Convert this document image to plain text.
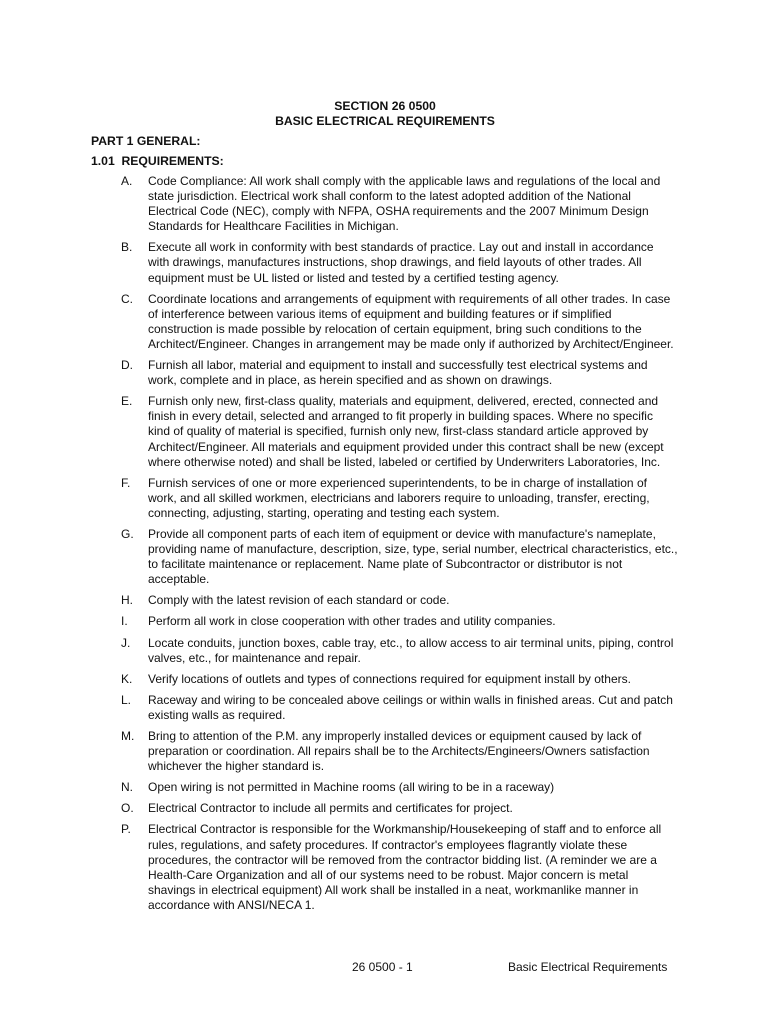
SECTION 26 0500
BASIC ELECTRICAL REQUIREMENTS
PART 1 GENERAL:
1.01  REQUIREMENTS:
A. Code Compliance: All work shall comply with the applicable laws and regulations of the local and state jurisdiction. Electrical work shall conform to the latest adopted addition of the National Electrical Code (NEC), comply with NFPA, OSHA requirements and the 2007 Minimum Design Standards for Healthcare Facilities in Michigan.
B. Execute all work in conformity with best standards of practice. Lay out and install in accordance with drawings, manufactures instructions, shop drawings, and field layouts of other trades. All equipment must be UL listed or listed and tested by a certified testing agency.
C. Coordinate locations and arrangements of equipment with requirements of all other trades. In case of interference between various items of equipment and building features or if simplified construction is made possible by relocation of certain equipment, bring such conditions to the Architect/Engineer. Changes in arrangement may be made only if authorized by Architect/Engineer.
D. Furnish all labor, material and equipment to install and successfully test electrical systems and work, complete and in place, as herein specified and as shown on drawings.
E. Furnish only new, first-class quality, materials and equipment, delivered, erected, connected and finish in every detail, selected and arranged to fit properly in building spaces. Where no specific kind of quality of material is specified, furnish only new, first-class standard article approved by Architect/Engineer. All materials and equipment provided under this contract shall be new (except where otherwise noted) and shall be listed, labeled or certified by Underwriters Laboratories, Inc.
F. Furnish services of one or more experienced superintendents, to be in charge of installation of work, and all skilled workmen, electricians and laborers require to unloading, transfer, erecting, connecting, adjusting, starting, operating and testing each system.
G. Provide all component parts of each item of equipment or device with manufacture's nameplate, providing name of manufacture, description, size, type, serial number, electrical characteristics, etc., to facilitate maintenance or replacement. Name plate of Subcontractor or distributor is not acceptable.
H. Comply with the latest revision of each standard or code.
I. Perform all work in close cooperation with other trades and utility companies.
J. Locate conduits, junction boxes, cable tray, etc., to allow access to air terminal units, piping, control valves, etc., for maintenance and repair.
K. Verify locations of outlets and types of connections required for equipment install by others.
L. Raceway and wiring to be concealed above ceilings or within walls in finished areas. Cut and patch existing walls as required.
M. Bring to attention of the P.M. any improperly installed devices or equipment caused by lack of preparation or coordination. All repairs shall be to the Architects/Engineers/Owners satisfaction whichever the higher standard is.
N. Open wiring is not permitted in Machine rooms (all wiring to be in a raceway)
O. Electrical Contractor to include all permits and certificates for project.
P. Electrical Contractor is responsible for the Workmanship/Housekeeping of staff and to enforce all rules, regulations, and safety procedures. If contractor's employees flagrantly violate these procedures, the contractor will be removed from the contractor bidding list. (A reminder we are a Health-Care Organization and all of our systems need to be robust. Major concern is metal shavings in electrical equipment) All work shall be installed in a neat, workmanlike manner in accordance with ANSI/NECA 1.
26 0500 - 1	Basic Electrical Requirements
